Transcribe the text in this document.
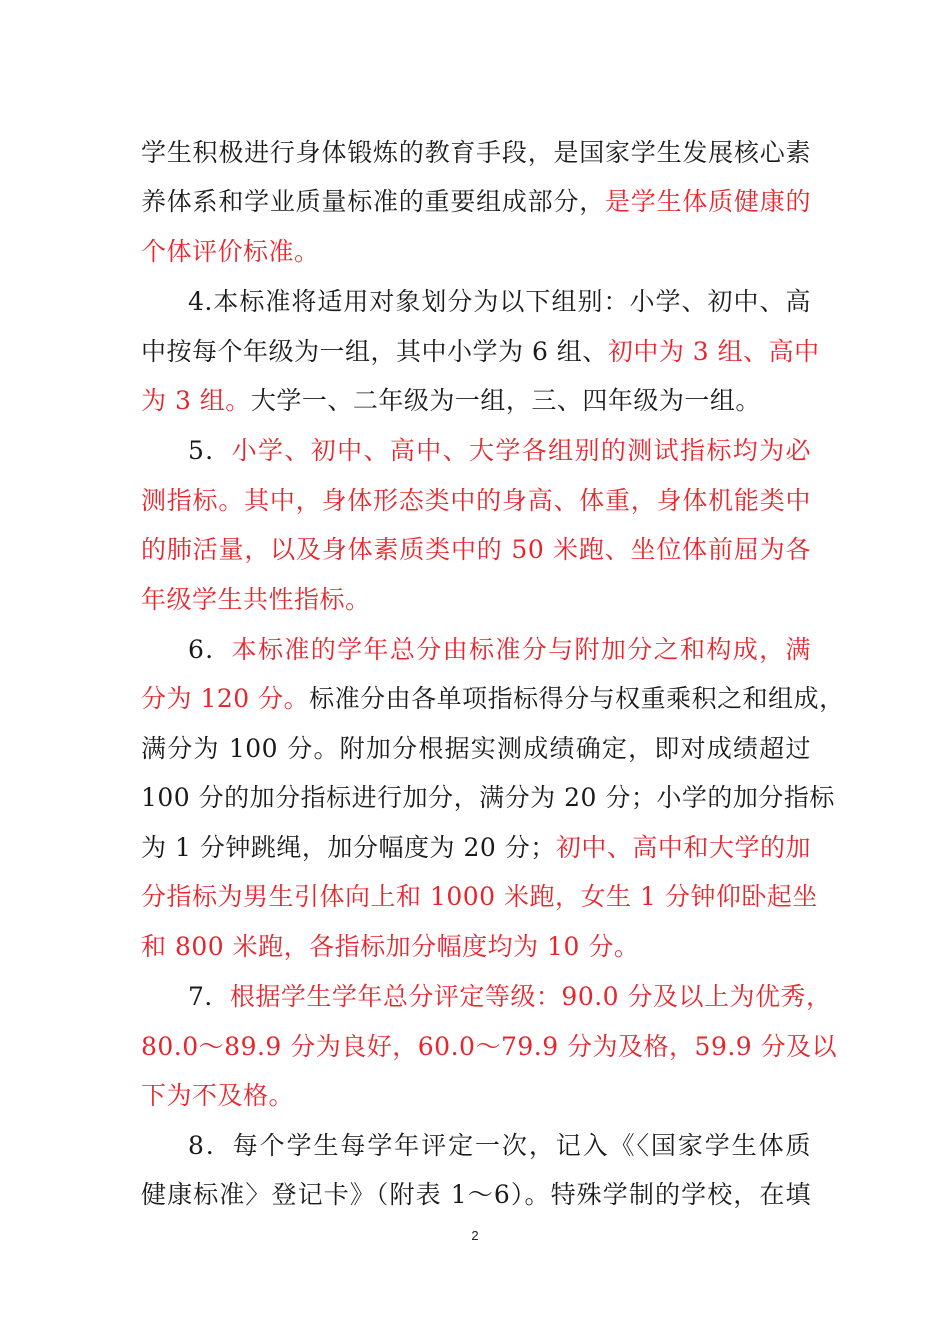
学生积极进行身体锻炼的教育手段，是国家学生发展核心素
养体系和学业质量标准的重要组成部分，是学生体质健康的
个体评价标准。
4.本标准将适用对象划分为以下组别：小学、初中、高
中按每个年级为一组，其中小学为 6 组、初中为 3 组、高中
为 3 组。大学一、二年级为一组，三、四年级为一组。
5．小学、初中、高中、大学各组别的测试指标均为必
测指标。其中，身体形态类中的身高、体重，身体机能类中
的肺活量，以及身体素质类中的 50 米跑、坐位体前屈为各
年级学生共性指标。
6．本标准的学年总分由标准分与附加分之和构成，满
分为 120 分。标准分由各单项指标得分与权重乘积之和组成，
满分为 100 分。附加分根据实测成绩确定，即对成绩超过
100 分的加分指标进行加分，满分为 20 分；小学的加分指标
为 1 分钟跳绳，加分幅度为 20 分；初中、高中和大学的加
分指标为男生引体向上和 1000 米跑，女生 1 分钟仰卧起坐
和 800 米跑，各指标加分幅度均为 10 分。
7．根据学生学年总分评定等级：90.0 分及以上为优秀，
80.0～89.9 分为良好，60.0～79.9 分为及格，59.9 分及以
下为不及格。
8．每个学生每学年评定一次，记入《〈国家学生体质
健康标准〉登记卡》（附表 1～6）。特殊学制的学校，在填
2
